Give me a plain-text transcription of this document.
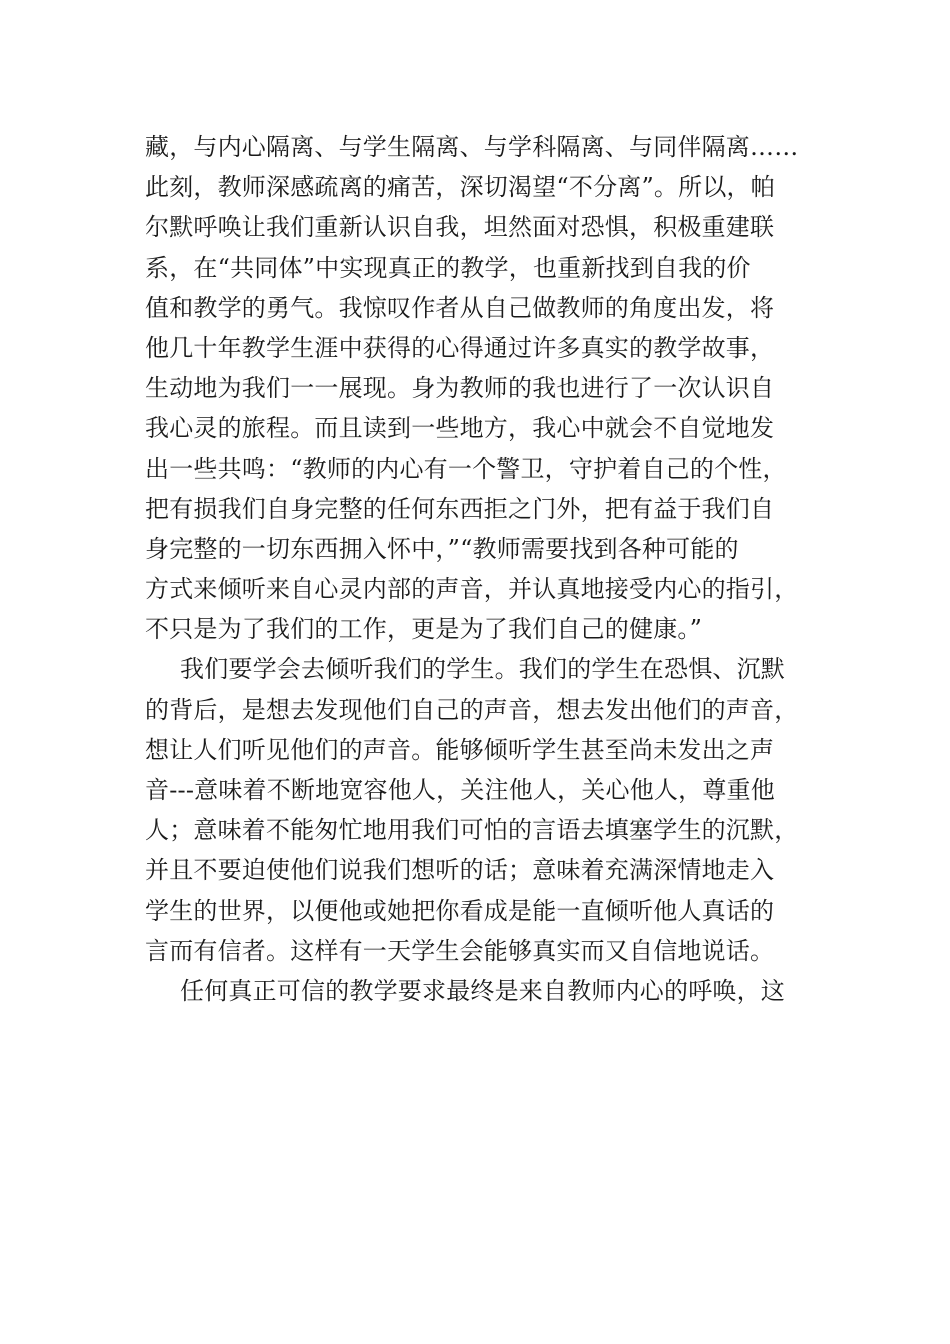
藏，与内心隔离、与学生隔离、与学科隔离、与同伴隔离……
此刻，教师深感疏离的痛苦，深切渴望“不分离”。所以，帕
尔默呼唤让我们重新认识自我，坦然面对恐惧，积极重建联
系，在“共同体”中实现真正的教学，也重新找到自我的价
值和教学的勇气。我惊叹作者从自己做教师的角度出发，将
他几十年教学生涯中获得的心得通过许多真实的教学故事，
生动地为我们一一展现。身为教师的我也进行了一次认识自
我心灵的旅程。而且读到一些地方，我心中就会不自觉地发
出一些共鸣：“教师的内心有一个警卫，守护着自己的个性，
把有损我们自身完整的任何东西拒之门外，把有益于我们自
身完整的一切东西拥入怀中，”“教师需要找到各种可能的
方式来倾听来自心灵内部的声音，并认真地接受内心的指引，
不只是为了我们的工作，更是为了我们自己的健康。”
我们要学会去倾听我们的学生。我们的学生在恐惧、沉默
的背后，是想去发现他们自己的声音，想去发出他们的声音，
想让人们听见他们的声音。能够倾听学生甚至尚未发出之声
音---意味着不断地宽容他人，关注他人，关心他人，尊重他
人；意味着不能匆忙地用我们可怕的言语去填塞学生的沉默，
并且不要迫使他们说我们想听的话；意味着充满深情地走入
学生的世界，以便他或她把你看成是能一直倾听他人真话的
言而有信者。这样有一天学生会能够真实而又自信地说话。
任何真正可信的教学要求最终是来自教师内心的呼唤，这
